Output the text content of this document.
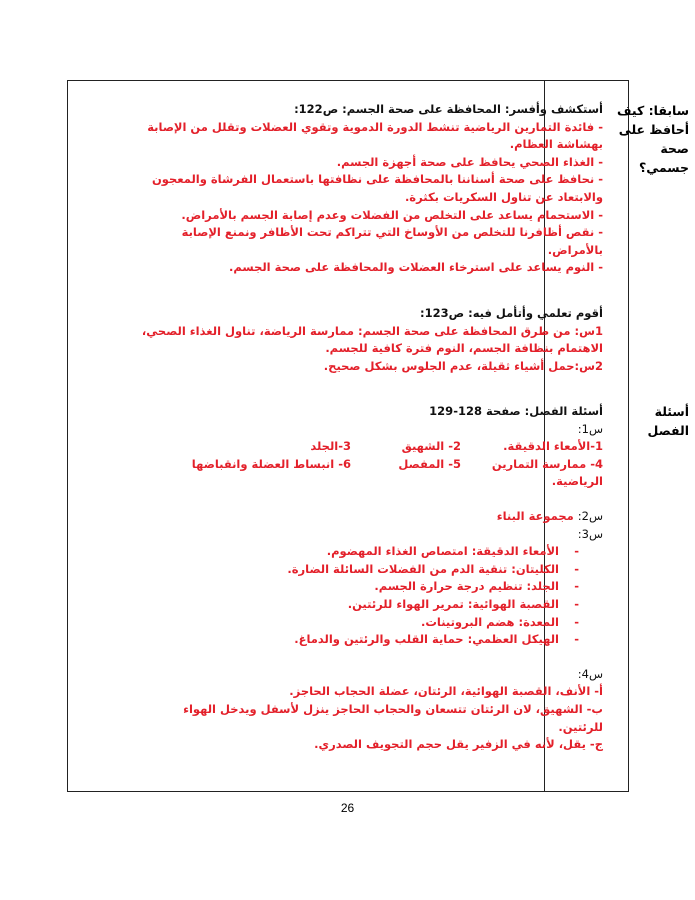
سابقا: كيف
أحافظ على
صحة
جسمي؟
أسئلة الفصل

أستكشف وأفسر: المحافظة على صحة الجسم: ص122:

- فائدة التمارين الرياضية تنشط الدورة الدموية وتقوي العضلات وتقلل من الإصابة بهشاشة العظام.

- الغذاء الصحي يحافظ على صحة أجهزة الجسم.

- نحافظ على صحة أسناننا بالمحافظة على نظافتها باستعمال الفرشاة والمعجون والابتعاد عن تناول السكريات بكثرة.

- الاستحمام يساعد على التخلص من الفضلات وعدم إصابة الجسم بالأمراض.

- نقص أظافرنا للتخلص من الأوساخ التي تتراكم تحت الأظافر ونمنع الإصابة بالأمراض.

- النوم يساعد على استرخاء العضلات والمحافظة على صحة الجسم.

أقوم تعلمي وأتأمل فيه: ص123:

1س: من طرق المحافظة على صحة الجسم: ممارسة الرياضة، تناول الغذاء الصحي، الاهتمام بنظافة الجسم، النوم فترة كافية للجسم.

2س:حمل أشياء ثقيلة، عدم الجلوس بشكل صحيح.

أسئلة الفصل: صفحة 128-129

س1:

1-الأمعاء الدقيقة.
2- الشهيق
3-الجلد
4- ممارسة التمارين الرياضية.
5- المفصل
6- انبساط العضلة وانقباضها

س2: مجموعة البناء

س3:

- الأمعاء الدقيقة: امتصاص الغذاء المهضوم.
- الكليتان: تنقية الدم من الفضلات السائلة الضارة.
- الجلد: تنظيم درجة حرارة الجسم.
- القصبة الهوائية: تمرير الهواء للرئتين.
- المعدة: هضم البروتينات.
- الهيكل العظمي: حماية القلب والرئتين والدماغ.

س4:

أ- الأنف، القصبة الهوائية، الرئتان، عضلة الحجاب الحاجز.

ب- الشهيق، لان الرئتان تتسعان والحجاب الحاجز ينزل لأسفل ويدخل الهواء للرئتين.

ج- يقل، لأنه في الزفير يقل حجم التجويف الصدري.

26
